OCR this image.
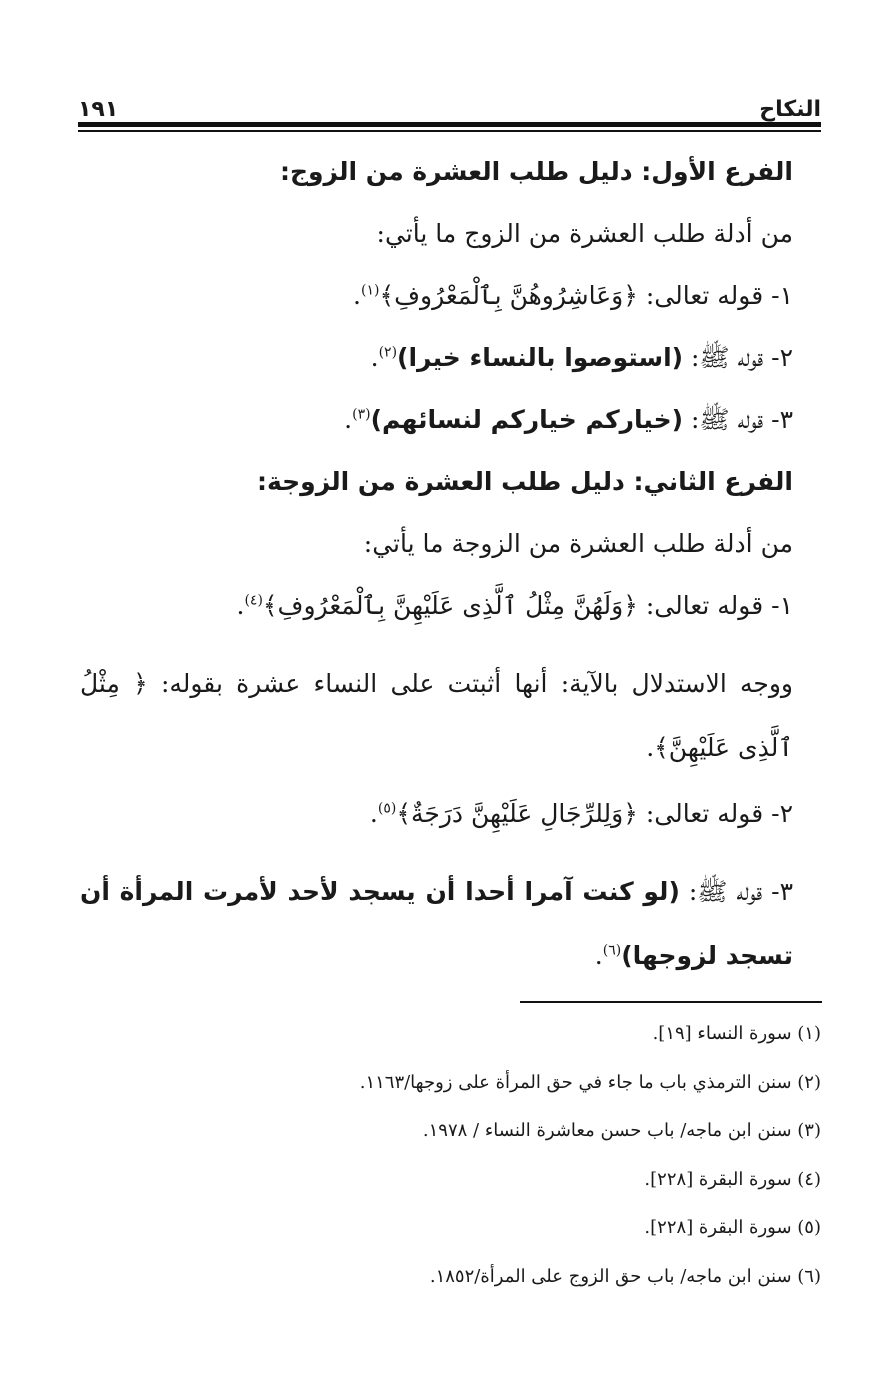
١٩١	النكاح
الفرع الأول: دليل طلب العشرة من الزوج:
من أدلة طلب العشرة من الزوج ما يأتي:
١- قوله تعالى: ﴿وَعَاشِرُوهُنَّ بِٱلْمَعْرُوفِ﴾$^{(١)}$.
٢- قوله ﷺ: (استوصوا بالنساء خيرا)$^{(٢)}$.
٣- قوله ﷺ: (خياركم خياركم لنسائهم)$^{(٣)}$.
الفرع الثاني: دليل طلب العشرة من الزوجة:
من أدلة طلب العشرة من الزوجة ما يأتي:
١- قوله تعالى: ﴿وَلَهُنَّ مِثْلُ ٱلَّذِى عَلَيْهِنَّ بِٱلْمَعْرُوفِ﴾$^{(٤)}$.
ووجه الاستدلال بالآية: أنها أثبتت على النساء عشرة بقوله: ﴿ مِثْلُ ٱلَّذِى عَلَيْهِنَّ﴾.
٢- قوله تعالى: ﴿وَلِلرِّجَالِ عَلَيْهِنَّ دَرَجَةٌ﴾$^{(٥)}$.
٣- قوله ﷺ: (لو كنت آمرا أحدا أن يسجد لأحد لأمرت المرأة أن تسجد لزوجها)$^{(٦)}$.
(١) سورة النساء [١٩].
(٢) سنن الترمذي باب ما جاء في حق المرأة على زوجها/١١٦٣.
(٣) سنن ابن ماجه/ باب حسن معاشرة النساء / ١٩٧٨.
(٤) سورة البقرة [٢٢٨].
(٥) سورة البقرة [٢٢٨].
(٦) سنن ابن ماجه/ باب حق الزوج على المرأة/١٨٥٢.
